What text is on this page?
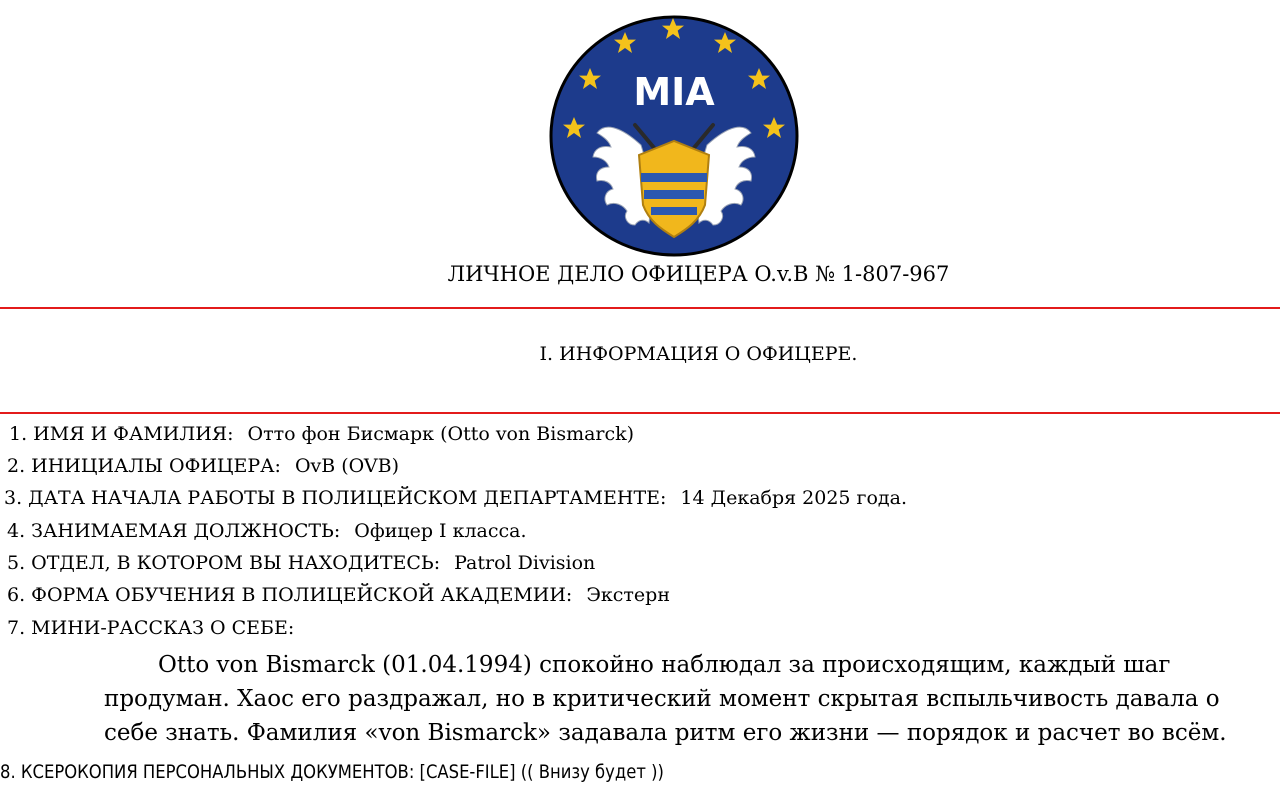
MIA
ЛИЧНОЕ ДЕЛО ОФИЦЕРА O.v.B № 1-807-967
I. ИНФОРМАЦИЯ О ОФИЦЕРЕ.
1. ИМЯ И ФАМИЛИЯ: Отто фон Бисмарк (Otto von Bismarck)
2. ИНИЦИАЛЫ ОФИЦЕРА: OvB (OVB)
3. ДАТА НАЧАЛА РАБОТЫ В ПОЛИЦЕЙСКОМ ДЕПАРТАМЕНТЕ: 14 Декабря 2025 года.
4. ЗАНИМАЕМАЯ ДОЛЖНОСТЬ: Офицер I класса.
5. ОТДЕЛ, В КОТОРОМ ВЫ НАХОДИТЕСЬ: Patrol Division
6. ФОРМА ОБУЧЕНИЯ В ПОЛИЦЕЙСКОЙ АКАДЕМИИ: Экстерн
7. МИНИ-РАССКАЗ О СЕБЕ:
Otto von Bismarck (01.04.1994) спокойно наблюдал за происходящим, каждый шаг
продуман. Хаос его раздражал, но в критический момент скрытая вспыльчивость давала о
себе знать. Фамилия «von Bismarck» задавала ритм его жизни — порядок и расчет во всём.
8. КСЕРОКОПИЯ ПЕРСОНАЛЬНЫХ ДОКУМЕНТОВ: [CASE-FILE] (( Внизу будет ))
